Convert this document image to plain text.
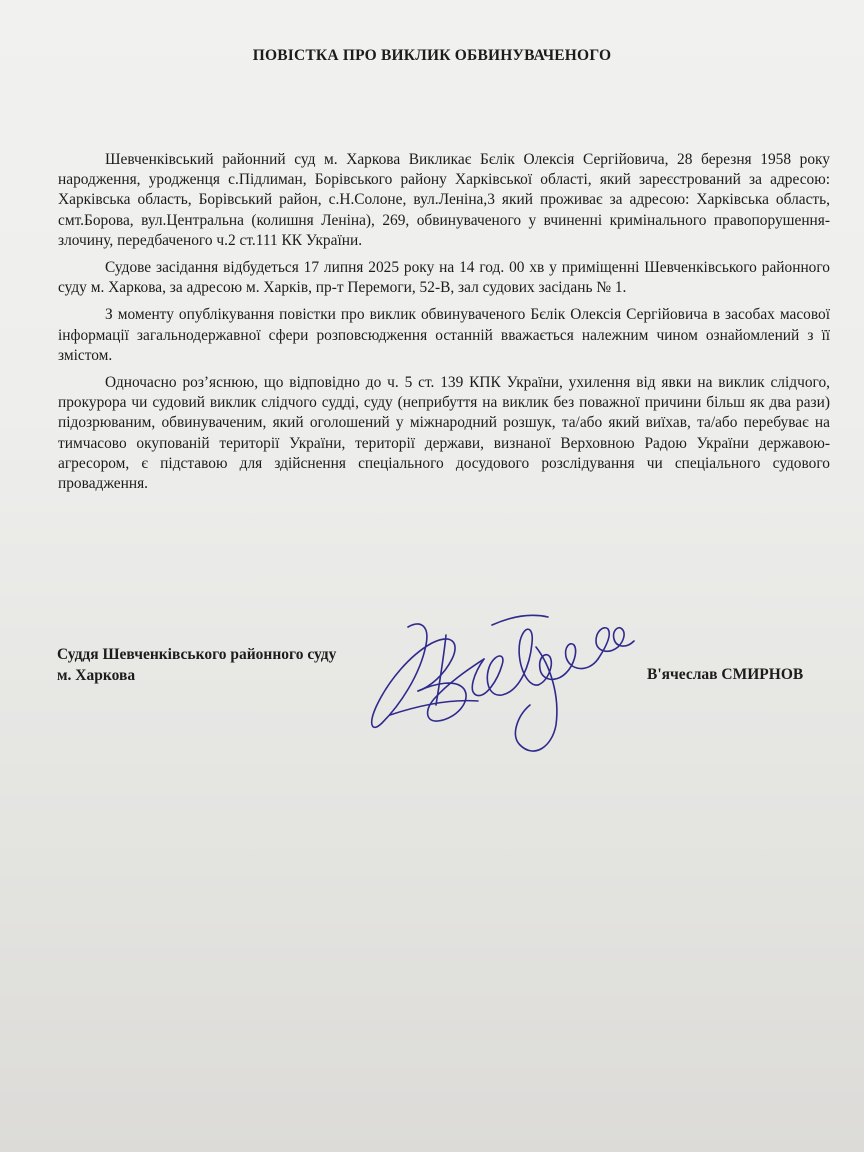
ПОВІСТКА ПРО ВИКЛИК ОБВИНУВАЧЕНОГО

Шевченківський районний суд м. Харкова Викликає Бєлік Олексія Сергійовича, 28 березня 1958 року народження, уродженця с.Підлиман, Борівського району Харківської області, який зареєстрований за адресою: Харківська область, Борівський район, с.Н.Солоне, вул.Леніна,3 який проживає за адресою: Харківська область, смт.Борова, вул.Центральна (колишня Леніна), 269, обвинуваченого у вчиненні кримінального правопорушення-злочину, передбаченого ч.2 ст.111 КК України.

Судове засідання відбудеться 17 липня 2025 року на 14 год. 00 хв у приміщенні Шевченківського районного суду м. Харкова, за адресою м. Харків, пр-т Перемоги, 52-В, зал судових засідань № 1.

З моменту опублікування повістки про виклик обвинуваченого Бєлік Олексія Сергійовича в засобах масової інформації загальнодержавної сфери розповсюдження останній вважається належним чином ознайомлений з її змістом.

Одночасно роз’яснюю, що відповідно до ч. 5 ст. 139 КПК України, ухилення від явки на виклик слідчого, прокурора чи судовий виклик слідчого судді, суду (неприбуття на виклик без поважної причини більш як два рази) підозрюваним, обвинуваченим, який оголошений у міжнародний розшук, та/або який виїхав, та/або перебуває на тимчасово окупованій території України, території держави, визнаної Верховною Радою України державою-агресором, є підставою для здійснення спеціального досудового розслідування чи спеціального судового провадження.

Суддя Шевченківського районного суду
м. Харкова	В'ячеслав СМИРНОВ
